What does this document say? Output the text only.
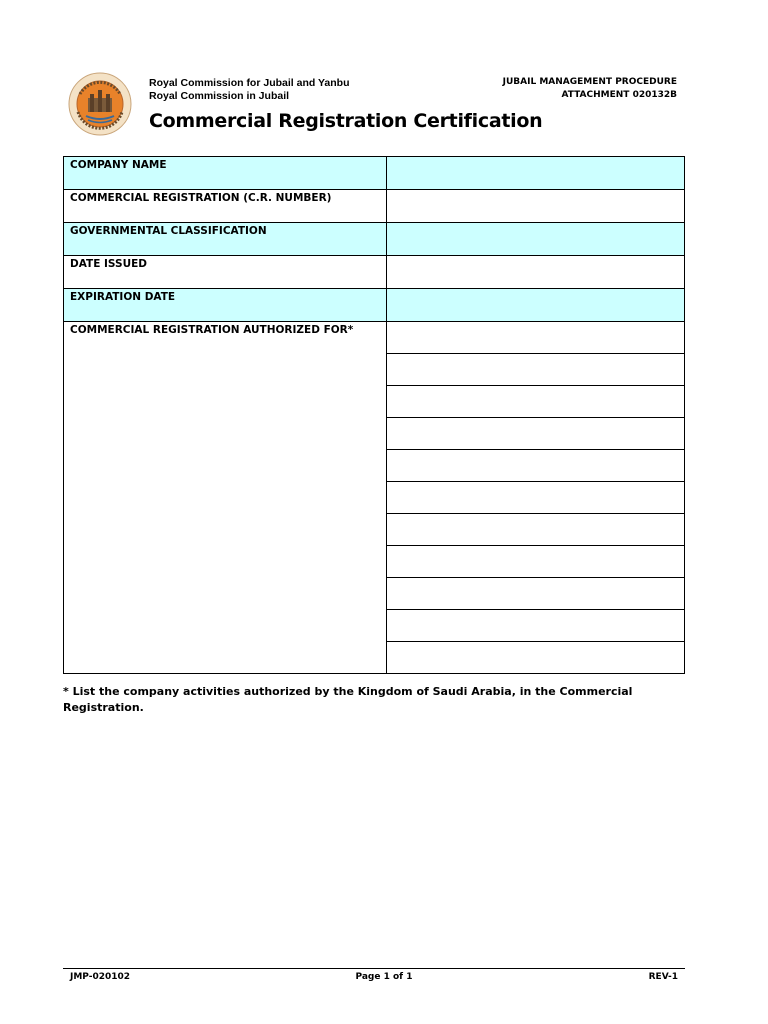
Royal Commission for Jubail and Yanbu
Royal Commission in Jubail
JUBAIL MANAGEMENT PROCEDURE
ATTACHMENT 020132B
Commercial Registration Certification
COMPANY NAME	
COMMERCIAL REGISTRATION (C.R. NUMBER)	
GOVERNMENTAL CLASSIFICATION	
DATE ISSUED	
EXPIRATION DATE	
COMMERCIAL REGISTRATION AUTHORIZED FOR*	

* List the company activities authorized by the Kingdom of Saudi Arabia, in the Commercial Registration.

JMP-020102	Page 1 of 1	REV-1
